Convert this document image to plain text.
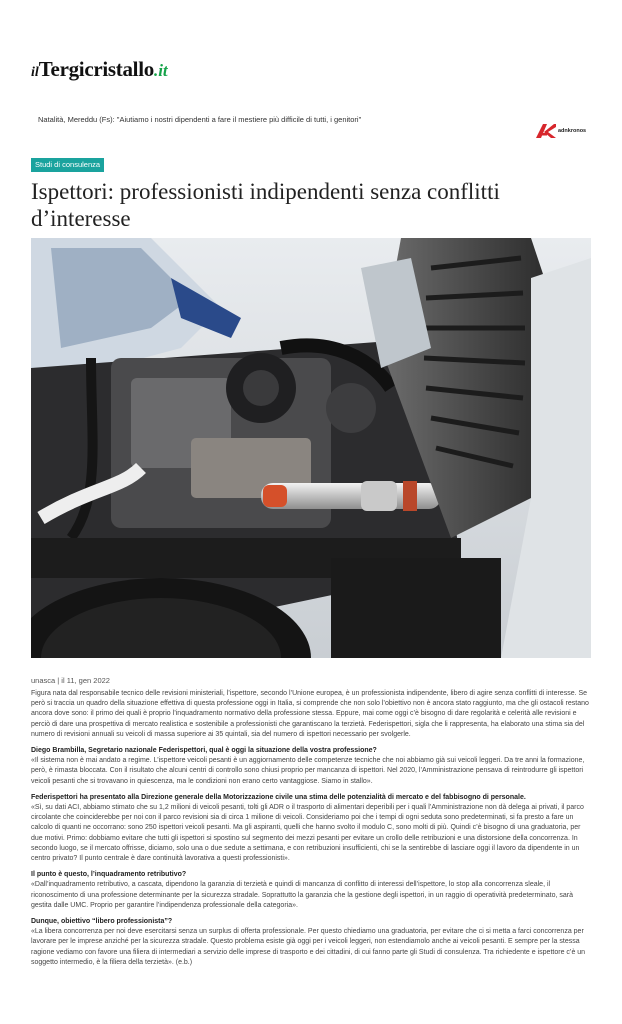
il Tergicristallo .it
Natalità, Mereddu (Fs): "Aiutiamo i nostri dipendenti a fare il mestiere più difficile di tutti, i genitori"
adnkronos
Studi di consulenza
Ispettori: professionisti indipendenti senza conflitti d’interesse
unasca | il 11, gen 2022

Figura nata dal responsabile tecnico delle revisioni ministeriali, l’ispettore, secondo l’Unione europea, è un professionista indipendente, libero di agire senza conflitti di interesse. Se però si traccia un quadro della situazione effettiva di questa professione oggi in Italia, si comprende che non solo l’obiettivo non è ancora stato raggiunto, ma che gli ostacoli restano ancora dove sono: il primo dei quali è proprio l’inquadramento normativo della professione stessa. Eppure, mai come oggi c’è bisogno di dare regolarità e celerità alle revisioni e perciò di dare una prospettiva di mercato realistica e sostenibile a professionisti che garantiscano la terzietà. Federispettori, sigla che li rappresenta, ha elaborato una stima sia del numero di revisioni annuali su veicoli di massa superiore ai 35 quintali, sia del numero di ispettori necessario per svolgerle.

Diego Brambilla, Segretario nazionale Federispettori, qual è oggi la situazione della vostra professione?

«Il sistema non è mai andato a regime. L’ispettore veicoli pesanti è un aggiornamento delle competenze tecniche che noi abbiamo già sui veicoli leggeri. Da tre anni la formazione, però, è rimasta bloccata. Con il risultato che alcuni centri di controllo sono chiusi proprio per mancanza di ispettori. Nel 2020, l’Amministrazione pensava di reintrodurre gli ispettori veicoli pesanti che si trovavano in quiescenza, ma le condizioni non erano certo vantaggiose. Siamo in stallo».

Federispettori ha presentato alla Direzione generale della Motorizzazione civile una stima delle potenzialità di mercato e del fabbisogno di personale.

«Sì, su dati ACI, abbiamo stimato che su 1,2 milioni di veicoli pesanti, tolti gli ADR o il trasporto di alimentari deperibili per i quali l’Amministrazione non dà delega ai privati, il parco circolante che coinciderebbe per noi con il parco revisioni sia di circa 1 milione di veicoli. Consideriamo poi che i tempi di ogni seduta sono predeterminati, si fa presto a fare un calcolo di quanti ne occorrano: sono 250 ispettori veicoli pesanti. Ma gli aspiranti, quelli che hanno svolto il modulo C, sono molti di più. Quindi c’è bisogno di una graduatoria, per due motivi. Primo: dobbiamo evitare che tutti gli ispettori si spostino sul segmento dei mezzi pesanti per evitare un crollo delle retribuzioni e una distorsione della concorrenza. In secondo luogo, se il mercato offrisse, diciamo, solo una o due sedute a settimana, e con retribuzioni insufficienti, chi se la sentirebbe di lasciare oggi il lavoro da dipendente in un centro privato? Il punto centrale è dare continuità lavorativa a questi professionisti».

Il punto è questo, l’inquadramento retributivo?

«Dall’inquadramento retributivo, a cascata, dipendono la garanzia di terzietà e quindi di mancanza di conflitto di interessi dell’ispettore, lo stop alla concorrenza sleale, il riconoscimento di una professione determinante per la sicurezza stradale. Soprattutto la garanzia che la gestione degli ispettori, in un raggio di operatività predeterminato, sarà gestita dalle UMC. Proprio per garantire l’indipendenza professionale della categoria».

Dunque, obiettivo “libero professionista”?

«La libera concorrenza per noi deve esercitarsi senza un surplus di offerta professionale. Per questo chiediamo una graduatoria, per evitare che ci si metta a farci concorrenza per lavorare per le imprese anziché per la sicurezza stradale. Questo problema esiste già oggi per i veicoli leggeri, non estendiamolo anche ai veicoli pesanti. E sempre per la stessa ragione vediamo con favore una filiera di intermediari a servizio delle imprese di trasporto e dei cittadini, di cui fanno parte gli Studi di consulenza. Tra richiedente e ispettore c’è un soggetto intermedio, è la filiera della terzietà». (e.b.)
